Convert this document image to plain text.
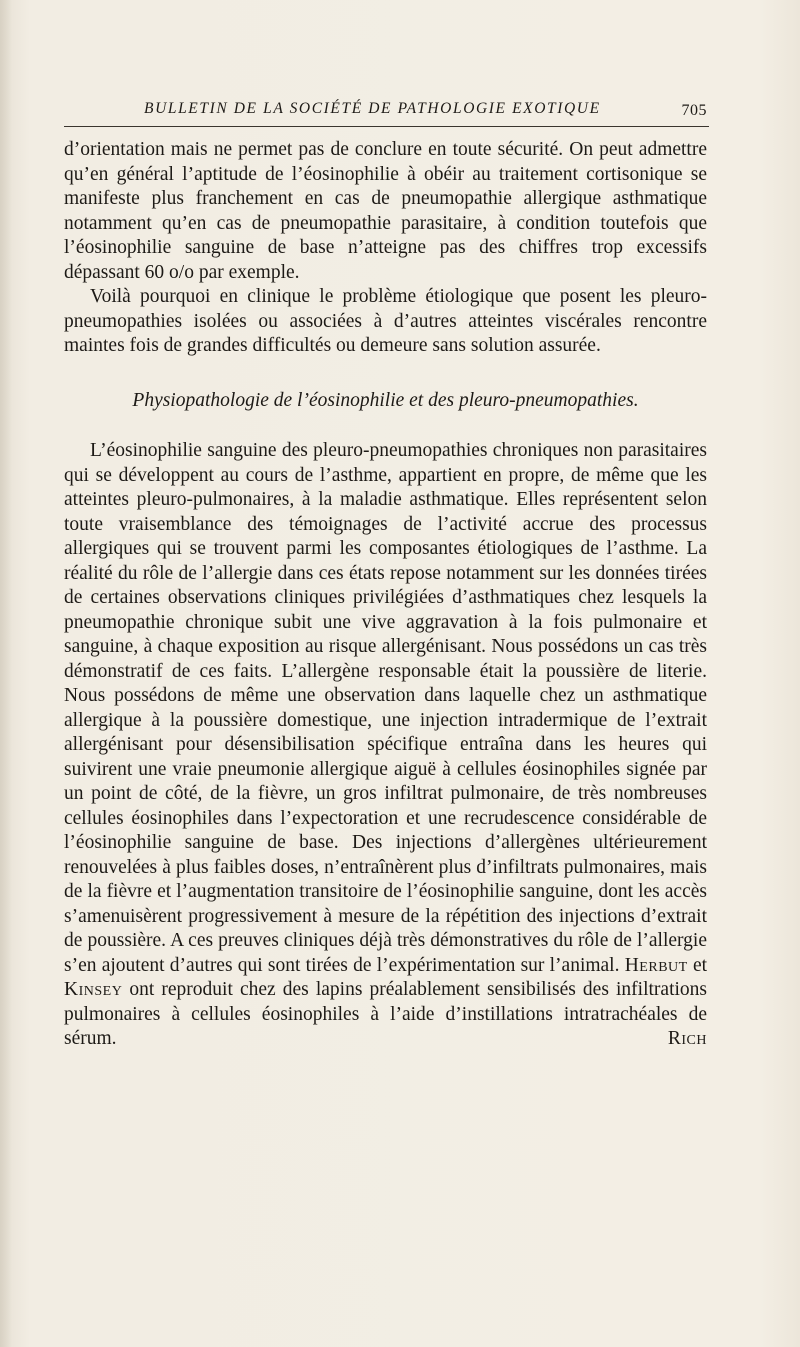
BULLETIN DE LA SOCIÉTÉ DE PATHOLOGIE EXOTIQUE	705

d’orientation mais ne permet pas de conclure en toute sécurité. On peut admettre qu’en général l’aptitude de l’éosinophilie à obéir au traitement cortisonique se manifeste plus franchement en cas de pneumopathie allergique asthmatique notamment qu’en cas de pneumopathie parasitaire, à condition toutefois que l’éosinophilie sanguine de base n’atteigne pas des chiffres trop excessifs dépassant 60 o/o par exemple.

Voilà pourquoi en clinique le problème étiologique que posent les pleuro-pneumopathies isolées ou associées à d’autres atteintes viscérales rencontre maintes fois de grandes difficultés ou demeure sans solution assurée.

Physiopathologie de l’éosinophilie et des pleuro-pneumopathies.

L’éosinophilie sanguine des pleuro-pneumopathies chroniques non parasitaires qui se développent au cours de l’asthme, appartient en propre, de même que les atteintes pleuro-pulmonaires, à la maladie asthmatique. Elles représentent selon toute vraisemblance des témoignages de l’activité accrue des processus allergiques qui se trouvent parmi les composantes étiologiques de l’asthme. La réalité du rôle de l’allergie dans ces états repose notamment sur les données tirées de certaines observations cliniques privilégiées d’asthmatiques chez lesquels la pneumopathie chronique subit une vive aggravation à la fois pulmonaire et sanguine, à chaque exposition au risque allergénisant. Nous possédons un cas très démonstratif de ces faits. L’allergène responsable était la poussière de literie. Nous possédons de même une observation dans laquelle chez un asthmatique allergique à la poussière domestique, une injection intradermique de l’extrait allergénisant pour désensibilisation spécifique entraîna dans les heures qui suivirent une vraie pneumonie allergique aiguë à cellules éosinophiles signée par un point de côté, de la fièvre, un gros infiltrat pulmonaire, de très nombreuses cellules éosinophiles dans l’expectoration et une recrudescence considérable de l’éosinophilie sanguine de base. Des injections d’allergènes ultérieurement renouvelées à plus faibles doses, n’entraînèrent plus d’infiltrats pulmonaires, mais de la fièvre et l’augmentation transitoire de l’éosinophilie sanguine, dont les accès s’amenuisèrent progressivement à mesure de la répétition des injections d’extrait de poussière. A ces preuves cliniques déjà très démonstratives du rôle de l’allergie s’en ajoutent d’autres qui sont tirées de l’expérimentation sur l’animal. Herbut et Kinsey ont reproduit chez des lapins préalablement sensibilisés des infiltrations pulmonaires à cellules éosinophiles à l’aide d’instillations intratrachéales de sérum.	Rich
